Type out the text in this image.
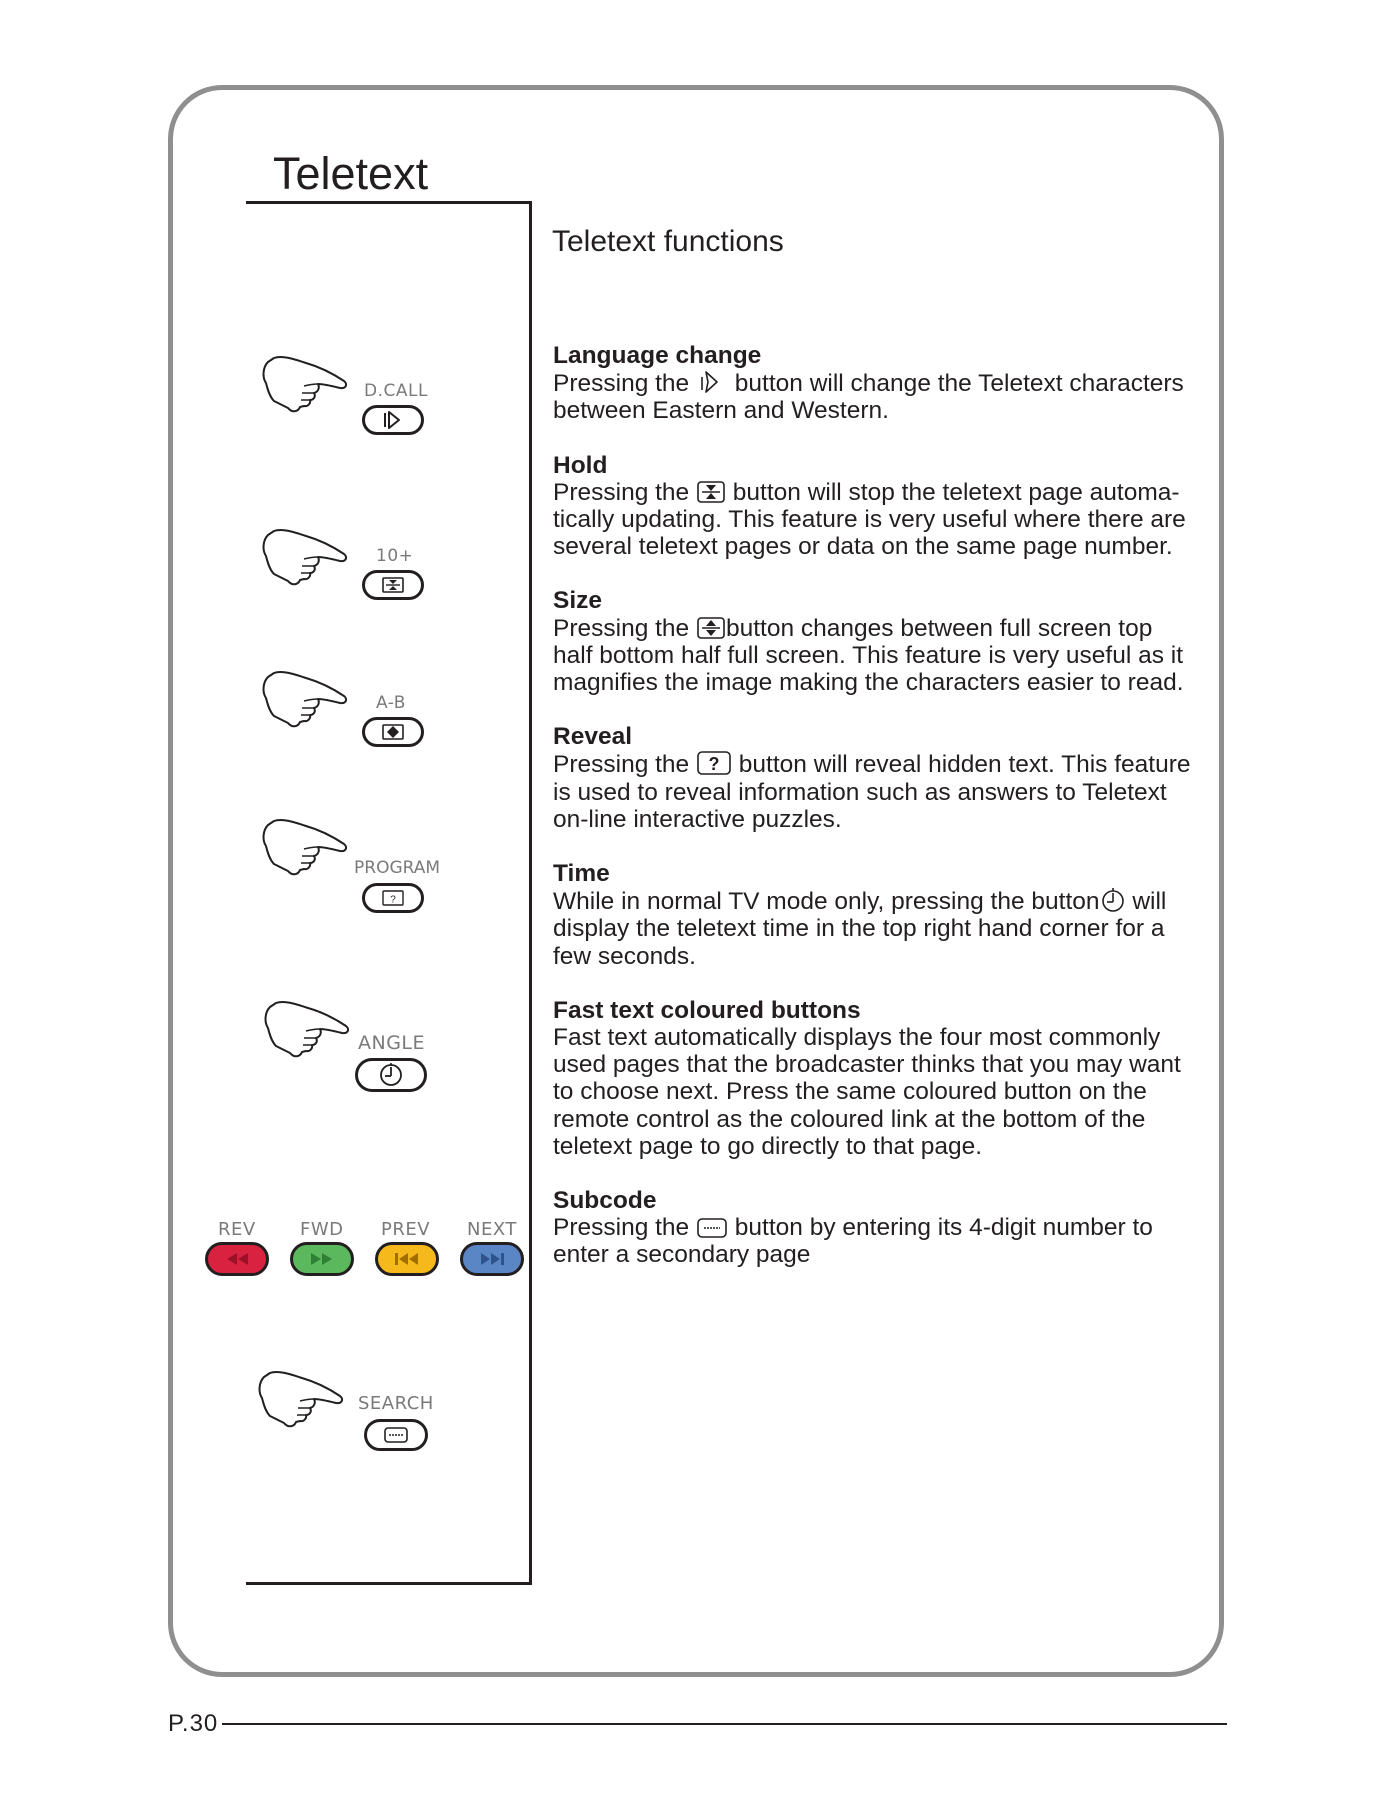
Teletext
Teletext functions
D.CALL
10+
A-B
PROGRAM
?
ANGLE
REV FWD PREV NEXT
SEARCH
Language change

Pressing the  button will change the Teletext characters
between Eastern and Western.

Hold

Pressing the  button will stop the teletext page automa-
tically updating. This feature is very useful where there are
several teletext pages or data on the same page number.

Size

Pressing the button changes between full screen top
half bottom half full screen. This feature is very useful as it
magnifies the image making the characters easier to read.

Reveal

Pressing the ? button will reveal hidden text. This feature
is used to reveal information such as answers to Teletext
on-line interactive puzzles.

Time

While in normal TV mode only, pressing the button will
display the teletext time in the top right hand corner for a
few seconds.

Fast text coloured buttons

Fast text automatically displays the four most commonly
used pages that the broadcaster thinks that you may want
to choose next. Press the same coloured button on the
remote control as the coloured link at the bottom of the
teletext page to go directly to that page.

Subcode

Pressing the  button by entering its 4-digit number to
enter a secondary page

P.30
